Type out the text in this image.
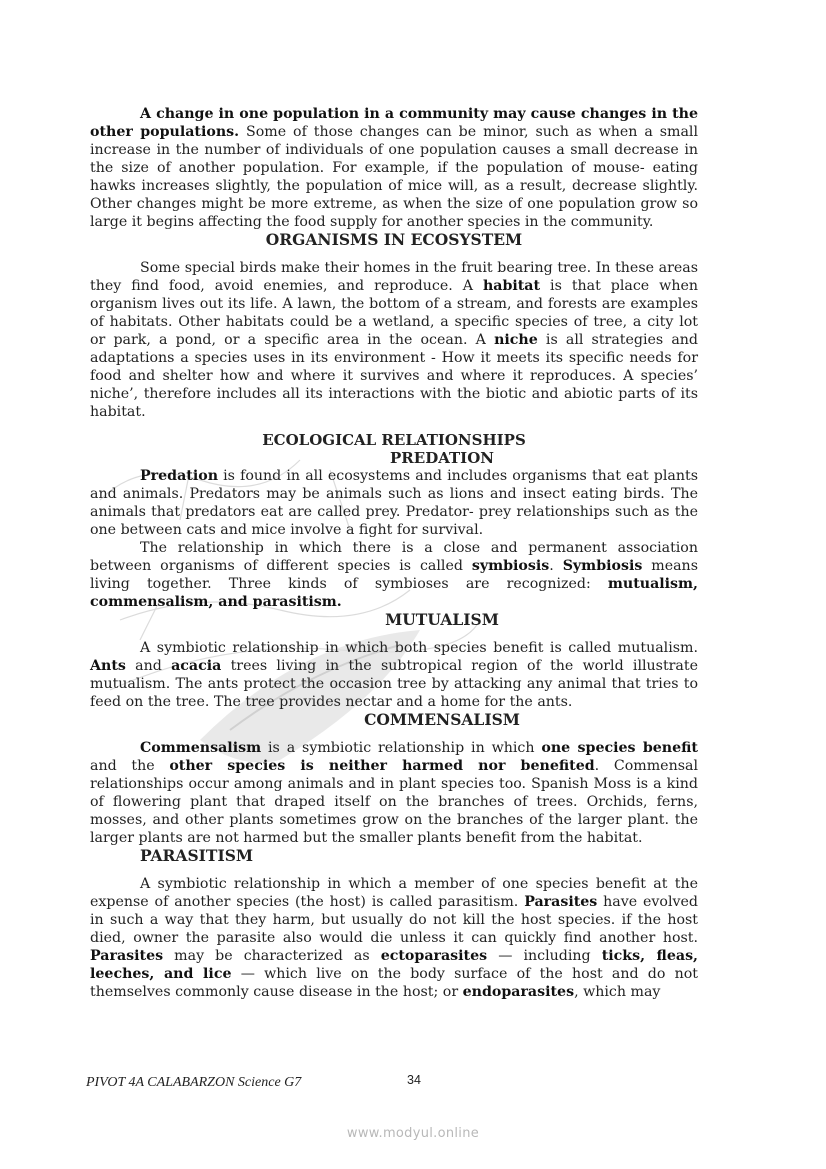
A change in one population in a community may cause changes in the other populations. Some of those changes can be minor, such as when a small increase in the number of individuals of one population causes a small decrease in the size of another population. For example, if the population of mouse- eating hawks increases slightly, the population of mice will, as a result, decrease slightly. Other changes might be more extreme, as when the size of one population grow so large it begins affecting the food supply for another species in the community.

ORGANISMS IN ECOSYSTEM

Some special birds make their homes in the fruit bearing tree. In these areas they find food, avoid enemies, and reproduce. A habitat is that place when organism lives out its life. A lawn, the bottom of a stream, and forests are examples of habitats. Other habitats could be a wetland, a specific species of tree, a city lot or park, a pond, or a specific area in the ocean. A niche is all strategies and adaptations a species uses in its environment - How it meets its specific needs for food and shelter how and where it survives and where it reproduces. A species’ niche’, therefore includes all its interactions with the biotic and abiotic parts of its habitat.

ECOLOGICAL RELATIONSHIPS
PREDATION

Predation is found in all ecosystems and includes organisms that eat plants and animals. Predators may be animals such as lions and insect eating birds. The animals that predators eat are called prey. Predator- prey relationships such as the one between cats and mice involve a fight for survival.

The relationship in which there is a close and permanent association between organisms of different species is called symbiosis. Symbiosis means living together. Three kinds of symbioses are recognized: mutualism, commensalism, and parasitism.

MUTUALISM

A symbiotic relationship in which both species benefit is called mutualism. Ants and acacia trees living in the subtropical region of the world illustrate mutualism. The ants protect the occasion tree by attacking any animal that tries to feed on the tree. The tree provides nectar and a home for the ants.

COMMENSALISM

Commensalism is a symbiotic relationship in which one species benefit and the other species is neither harmed nor benefited. Commensal relationships occur among animals and in plant species too. Spanish Moss is a kind of flowering plant that draped itself on the branches of trees. Orchids, ferns, mosses, and other plants sometimes grow on the branches of the larger plant. the larger plants are not harmed but the smaller plants benefit from the habitat.

PARASITISM

A symbiotic relationship in which a member of one species benefit at the expense of another species (the host) is called parasitism. Parasites have evolved in such a way that they harm, but usually do not kill the host species. if the host died, owner the parasite also would die unless it can quickly find another host. Parasites may be characterized as ectoparasites — including ticks, fleas, leeches, and lice — which live on the body surface of the host and do not themselves commonly cause disease in the host; or endoparasites, which may

PIVOT 4A CALABARZON Science G7	34
www.modyul.online
